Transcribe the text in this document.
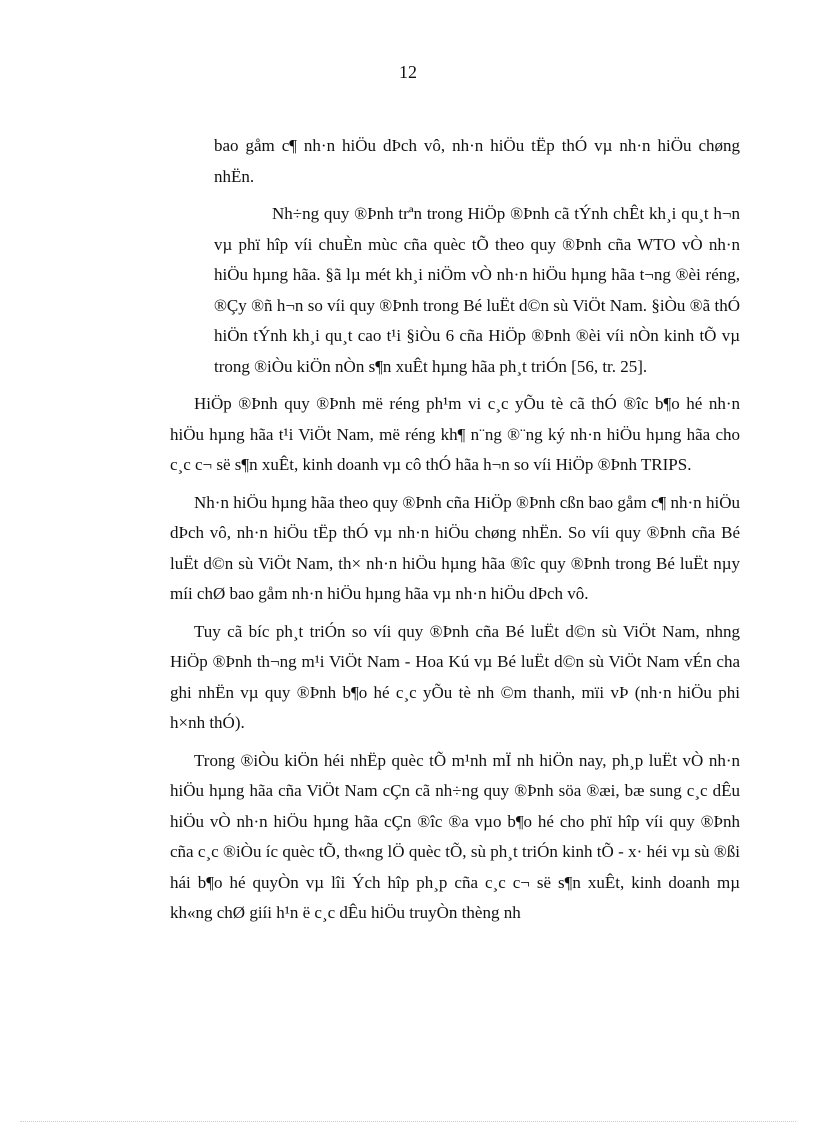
12

bao gåm c¶ nh·n hiÖu dÞch vô, nh·n hiÖu tËp thÓ vµ nh·n hiÖu chøng nhËn.

Nh÷ng quy ®Þnh trªn trong HiÖp ®Þnh cã tÝnh chÊt kh¸i qu¸t h¬n vµ phï hîp víi chuÈn mùc cña quèc tÕ theo quy ®Þnh cña WTO vÒ nh·n hiÖu hµng hãa. §ã lµ mét kh¸i niÖm vÒ nh·n hiÖu hµng hãa t¬ng ®èi réng, ®Çy ®ñ h¬n so víi quy ®Þnh trong Bé luËt d©n sù ViÖt Nam. §iÒu ®ã thÓ hiÖn tÝnh kh¸i qu¸t cao t¹i §iÒu 6 cña HiÖp ®Þnh ®èi víi nÒn kinh tÕ vµ trong ®iÒu kiÖn nÒn s¶n xuÊt hµng hãa ph¸t triÓn [56, tr. 25].

HiÖp ®Þnh quy ®Þnh më réng ph¹m vi c¸c yÕu tè cã thÓ ®îc b¶o hé nh·n hiÖu hµng hãa t¹i ViÖt Nam, më réng kh¶ n¨ng ®¨ng ký nh·n hiÖu hµng hãa cho c¸c c¬ së s¶n xuÊt, kinh doanh vµ cô thÓ hãa h¬n so víi HiÖp ®Þnh TRIPS.

Nh·n hiÖu hµng hãa theo quy ®Þnh cña HiÖp ®Þnh cßn bao gåm c¶ nh·n hiÖu dÞch vô, nh·n hiÖu tËp thÓ vµ nh·n hiÖu chøng nhËn. So víi quy ®Þnh cña Bé luËt d©n sù ViÖt Nam, th× nh·n hiÖu hµng hãa ®îc quy ®Þnh trong Bé luËt nµy míi chØ bao gåm nh·n hiÖu hµng hãa vµ nh·n hiÖu dÞch vô.

Tuy cã bíc ph¸t triÓn so víi quy ®Þnh cña Bé luËt d©n sù ViÖt Nam, nhng HiÖp ®Þnh th¬ng m¹i ViÖt Nam - Hoa Kú vµ Bé luËt d©n sù ViÖt Nam vÉn cha ghi nhËn vµ quy ®Þnh b¶o hé c¸c yÕu tè nh ©m thanh, mïi vÞ (nh·n hiÖu phi h×nh thÓ).

Trong ®iÒu kiÖn héi nhËp quèc tÕ m¹nh mÏ nh hiÖn nay, ph¸p luËt vÒ nh·n hiÖu hµng hãa cña ViÖt Nam cÇn cã nh÷ng quy ®Þnh söa ®æi, bæ sung c¸c dÊu hiÖu vÒ nh·n hiÖu hµng hãa cÇn ®îc ®a vµo b¶o hé cho phï hîp víi quy ®Þnh cña c¸c ®iÒu íc quèc tÕ, th«ng lÖ quèc tÕ, sù ph¸t triÓn kinh tÕ - x· héi vµ sù ®ßi hái b¶o hé quyÒn vµ lîi Ých hîp ph¸p cña c¸c c¬ së s¶n xuÊt, kinh doanh mµ kh«ng chØ giíi h¹n ë c¸c dÊu hiÖu truyÒn thèng nh
